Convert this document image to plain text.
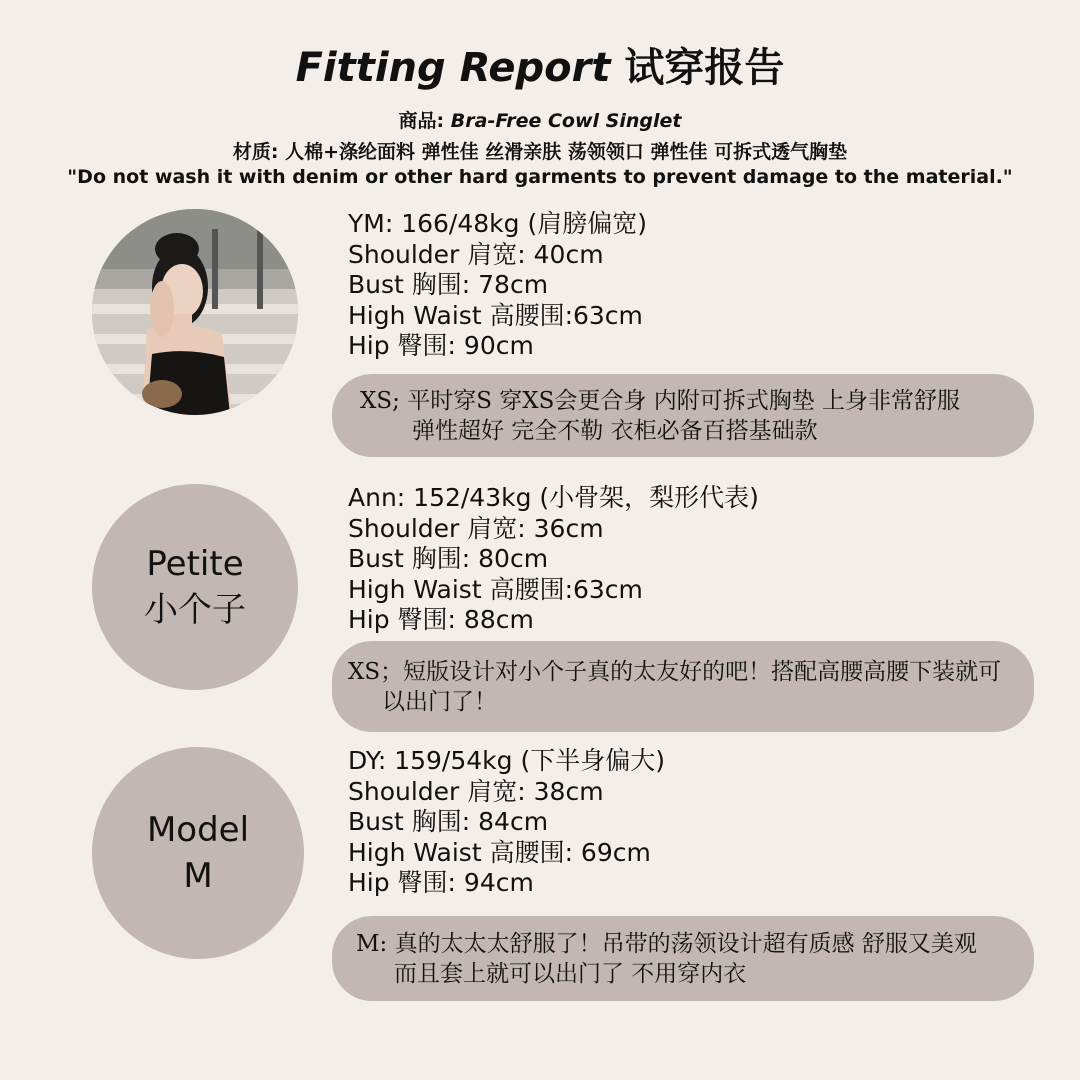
Fitting Report 试穿报告
商品: Bra-Free Cowl Singlet
材质: 人棉+涤纶面料 弹性佳 丝滑亲肤 荡领领口 弹性佳 可拆式透气胸垫
"Do not wash it with denim or other hard garments to prevent damage to the material."
Petite
小个子
Model
M
YM: 166/48kg (肩膀偏宽)
Shoulder 肩宽: 40cm
Bust 胸围: 78cm
High Waist 高腰围:63cm
Hip 臀围: 90cm
XS; 平时穿S 穿XS会更合身 内附可拆式胸垫 上身非常舒服
弹性超好 完全不勒 衣柜必备百搭基础款
Ann: 152/43kg (小骨架，梨形代表)
Shoulder 肩宽: 36cm
Bust 胸围: 80cm
High Waist 高腰围:63cm
Hip 臀围: 88cm
XS；短版设计对小个子真的太友好的吧！搭配高腰高腰下装就可
以出门了！
DY: 159/54kg (下半身偏大)
Shoulder 肩宽: 38cm
Bust 胸围: 84cm
High Waist 高腰围: 69cm
Hip 臀围: 94cm
M: 真的太太太舒服了！吊带的荡领设计超有质感 舒服又美观
而且套上就可以出门了 不用穿内衣
